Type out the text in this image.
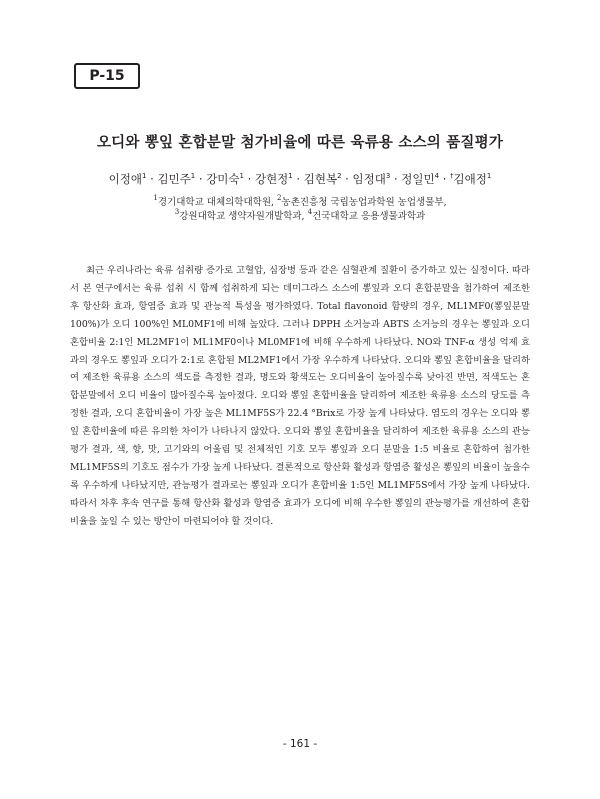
P-15
오디와 뽕잎 혼합분말 첨가비율에 따른 육류용 소스의 품질평가
이정애$^1$ · 김민주$^1$ · 강미숙$^1$ · 강현정$^1$ · 김현복$^2$ · 임정대$^3$ · 정일민$^4$ · †김애정$^1$
$^1$경기대학교 대체의학대학원, $^2$농촌진흥청 국립농업과학원 농업생물부,
$^3$강원대학교 생약자원개발학과, $^4$건국대학교 응용생물과학과

최근 우리나라는 육류 섭취량 증가로 고혈압, 심장병 등과 같은 심혈관계 질환이 증가하고 있는 실정이다. 따라서 본 연구에서는 육류 섭취 시 함께 섭취하게 되는 데미그라스 소스에 뽕잎과 오디 혼합분말을 첨가하여 제조한 후 항산화 효과, 항염증 효과 및 관능적 특성을 평가하였다. Total flavonoid 함량의 경우, ML1MF0(뽕잎분말 100%)가 오디 100%인 ML0MF1에 비해 높았다. 그러나 DPPH 소거능과 ABTS 소거능의 경우는 뽕잎과 오디 혼합비율 2:1인 ML2MF1이 ML1MF0이나 ML0MF1에 비해 우수하게 나타났다. NO와 TNF-α 생성 억제 효과의 경우도 뽕잎과 오디가 2:1로 혼합된 ML2MF1에서 가장 우수하게 나타났다. 오디와 뽕잎 혼합비율을 달리하여 제조한 육류용 소스의 색도를 측정한 결과, 명도와 황색도는 오디비율이 높아질수록 낮아진 반면, 적색도는 혼합분말에서 오디 비율이 많아질수록 높아졌다. 오디와 뽕잎 혼합비율을 달리하여 제조한 육류용 소스의 당도를 측정한 결과, 오디 혼합비율이 가장 높은 ML1MF5S가 22.4 °Brix로 가장 높게 나타났다. 염도의 경우는 오디와 뽕잎 혼합비율에 따른 유의한 차이가 나타나지 않았다. 오디와 뽕잎 혼합비율을 달리하여 제조한 육류용 소스의 관능평가 결과, 색, 향, 맛, 고기와의 어울림 및 전체적인 기호 모두 뽕잎과 오디 분말을 1:5 비율로 혼합하여 첨가한 ML1MF5S의 기호도 점수가 가장 높게 나타났다. 결론적으로 항산화 활성과 항염증 활성은 뽕잎의 비율이 높을수록 우수하게 나타났지만, 관능평가 결과로는 뽕잎과 오디가 혼합비율 1:5인 ML1MF5S에서 가장 높게 나타났다. 따라서 차후 후속 연구를 통해 항산화 활성과 항염증 효과가 오디에 비해 우수한 뽕잎의 관능평가를 개선하여 혼합비율을 높일 수 있는 방안이 마련되어야 할 것이다.

- 161 -
